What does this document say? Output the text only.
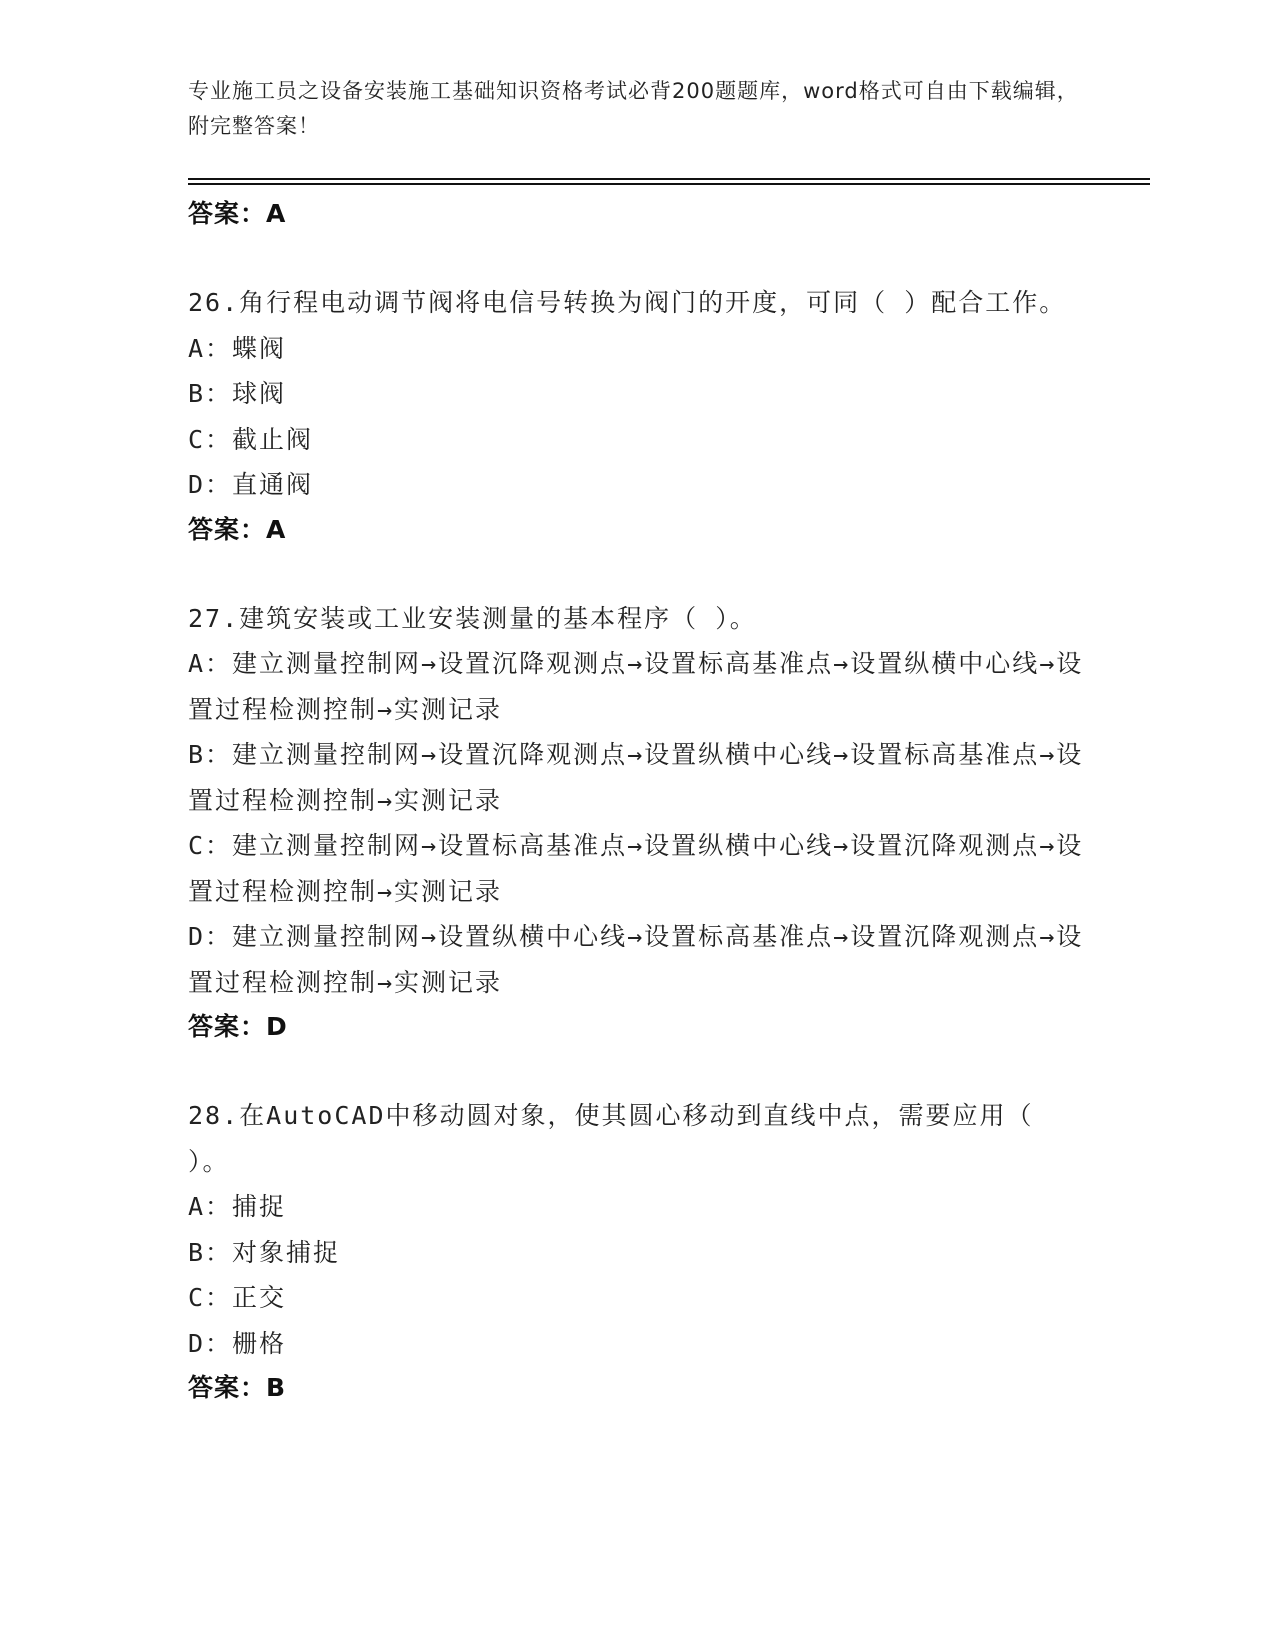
专业施工员之设备安装施工基础知识资格考试必背200题题库，word格式可自由下载编辑，附完整答案！
答案：A

26.角行程电动调节阀将电信号转换为阀门的开度，可同（ ）配合工作。

A：蝶阀

B：球阀

C：截止阀

D：直通阀

答案：A

27.建筑安装或工业安装测量的基本程序（ ）。

A：建立测量控制网→设置沉降观测点→设置标高基准点→设置纵横中心线→设置过程检测控制→实测记录

B：建立测量控制网→设置沉降观测点→设置纵横中心线→设置标高基准点→设置过程检测控制→实测记录

C：建立测量控制网→设置标高基准点→设置纵横中心线→设置沉降观测点→设置过程检测控制→实测记录

D：建立测量控制网→设置纵横中心线→设置标高基准点→设置沉降观测点→设置过程检测控制→实测记录

答案：D

28.在AutoCAD中移动圆对象，使其圆心移动到直线中点，需要应用（ ）。

A：捕捉

B：对象捕捉

C：正交

D：栅格

答案：B
